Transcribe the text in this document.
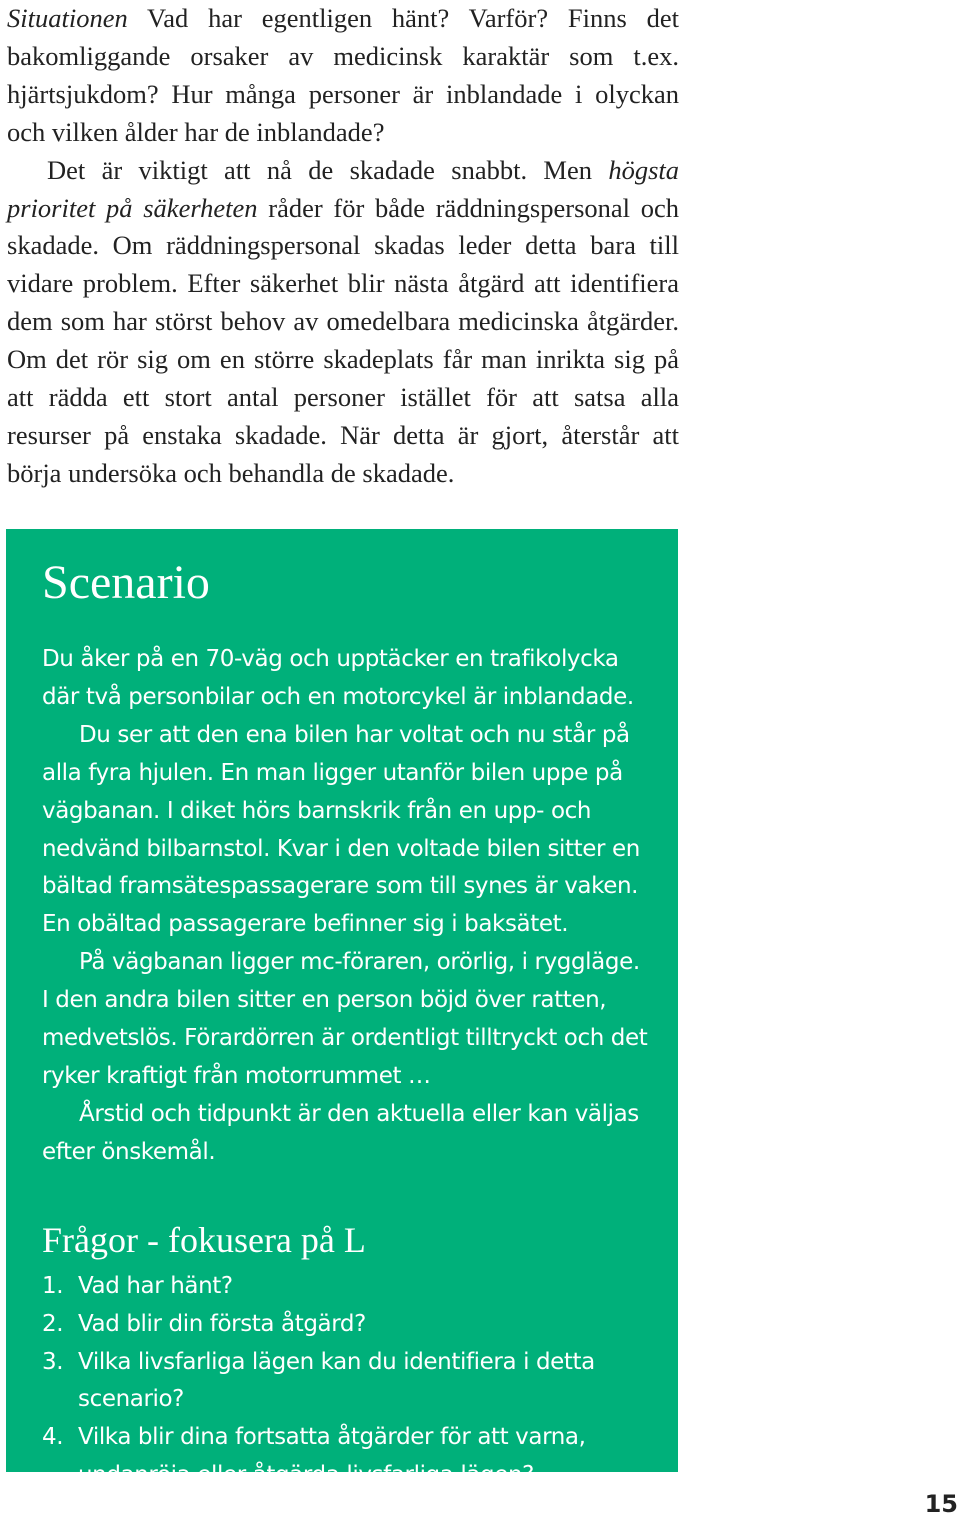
Situationen Vad har egentligen hänt? Varför? Finns det bakomliggande orsaker av medicinsk karaktär som t.ex. hjärtsjukdom? Hur många personer är inblandade i olyckan och vilken ålder har de inblandade?

Det är viktigt att nå de skadade snabbt. Men högsta prioritet på säkerheten råder för både räddningspersonal och skadade. Om räddningspersonal skadas leder detta bara till vidare problem. Efter säkerhet blir nästa åtgärd att identifiera dem som har störst behov av omedelbara medicinska åtgärder. Om det rör sig om en större skadeplats får man inrikta sig på att rädda ett stort antal personer istället för att satsa alla resurser på enstaka skadade. När detta är gjort, återstår att börja undersöka och behandla de skadade.

Scenario

Du åker på en 70-väg och upptäcker en trafikolycka där två personbilar och en motorcykel är inblandade.

Du ser att den ena bilen har voltat och nu står på alla fyra hjulen. En man ligger utanför bilen uppe på vägbanan. I diket hörs barnskrik från en upp- och nedvänd bilbarnstol. Kvar i den voltade bilen sitter en bältad framsätespassagerare som till synes är vaken. En obältad passagerare befinner sig i baksätet.

På vägbanan ligger mc-föraren, orörlig, i ryggläge. I den andra bilen sitter en person böjd över ratten, medvetslös. Förardörren är ordentligt tilltryckt och det ryker kraftigt från motorrummet …

Årstid och tidpunkt är den aktuella eller kan väljas efter önskemål.

Frågor - fokusera på L
1. Vad har hänt?
2. Vad blir din första åtgärd?
3. Vilka livsfarliga lägen kan du identifiera i detta scenario?
4. Vilka blir dina fortsatta åtgärder för att varna, undanröja eller åtgärda livsfarliga lägen?
15
